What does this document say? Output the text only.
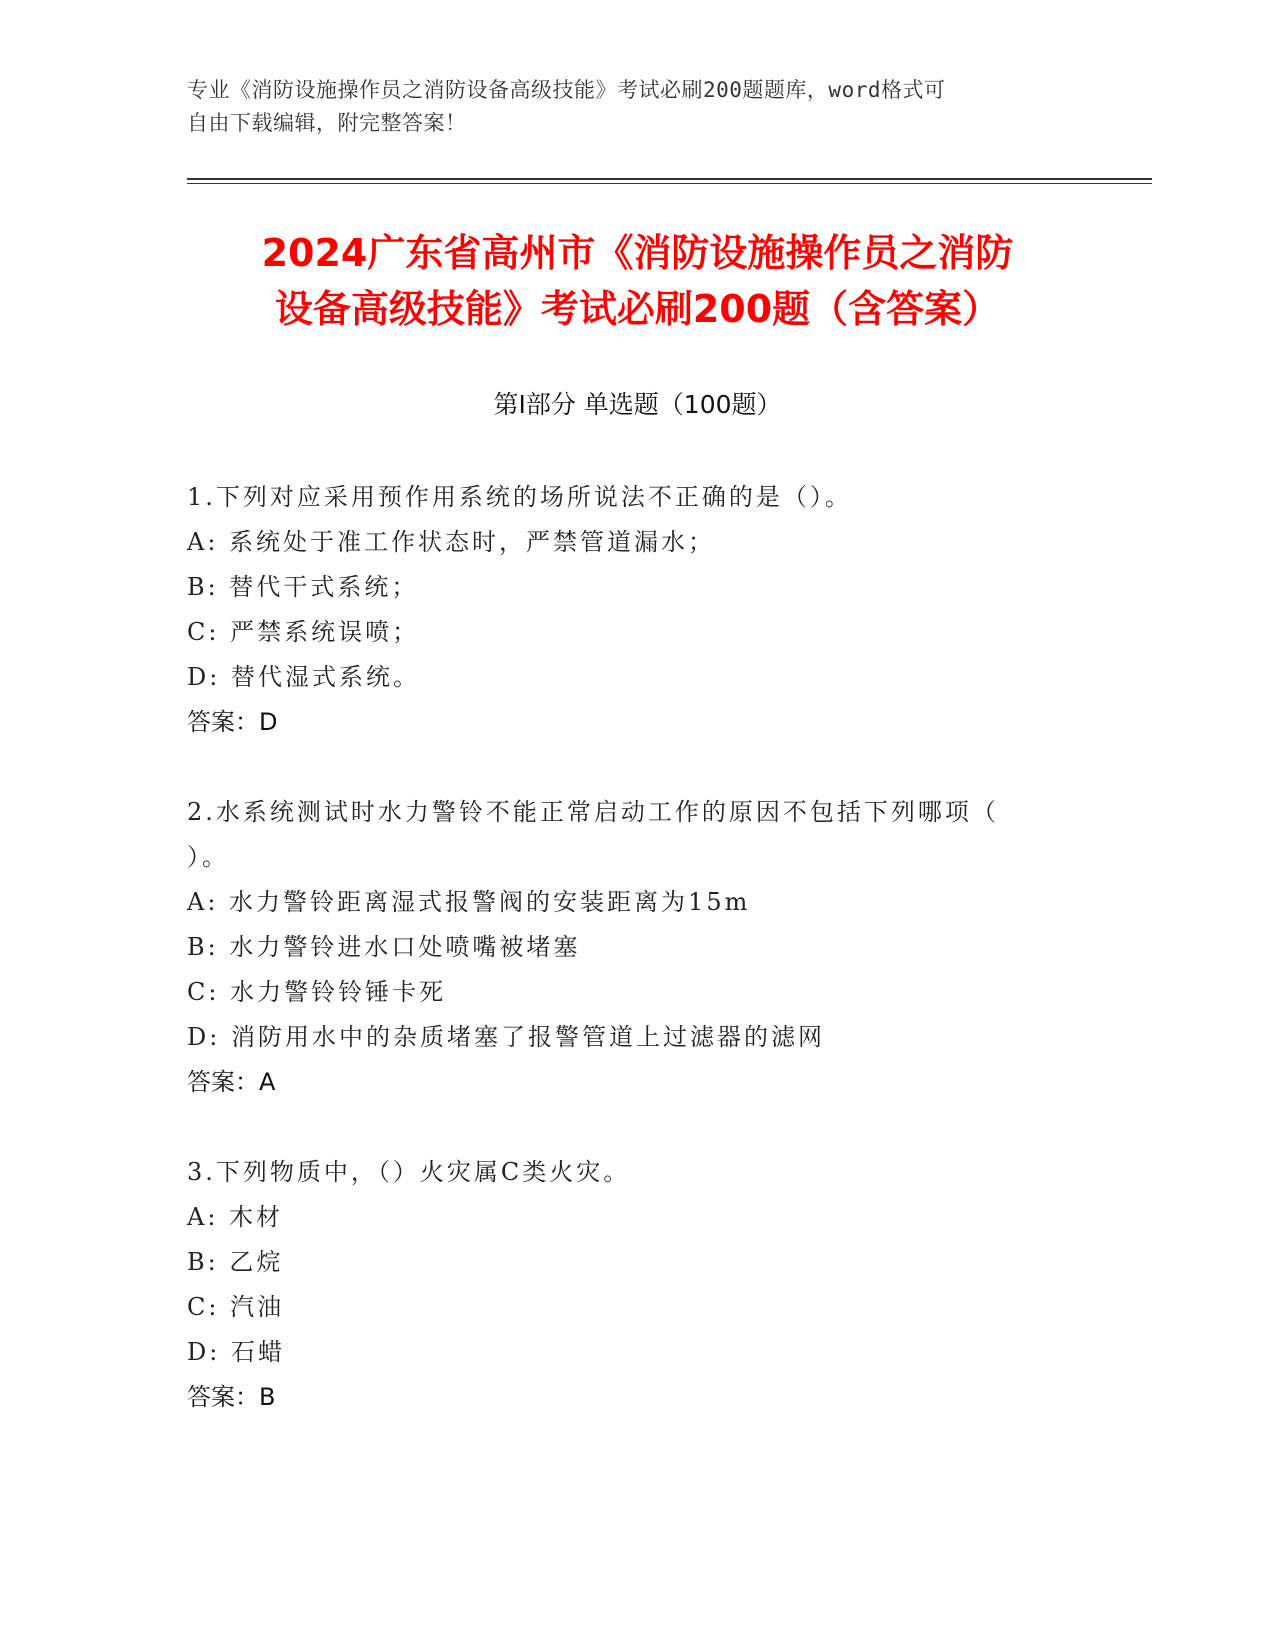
专业《消防设施操作员之消防设备高级技能》考试必刷200题题库，word格式可
自由下载编辑，附完整答案！
2024广东省高州市《消防设施操作员之消防
设备高级技能》考试必刷200题（含答案）
第Ⅰ部分 单选题（100题）
1.下列对应采用预作用系统的场所说法不正确的是（）。
A: 系统处于准工作状态时，严禁管道漏水；
B: 替代干式系统；
C: 严禁系统误喷；
D: 替代湿式系统。
答案：D
2.水系统测试时水力警铃不能正常启动工作的原因不包括下列哪项（
）。
A: 水力警铃距离湿式报警阀的安装距离为15m
B: 水力警铃进水口处喷嘴被堵塞
C: 水力警铃铃锤卡死
D: 消防用水中的杂质堵塞了报警管道上过滤器的滤网
答案：A
3.下列物质中，（）火灾属C类火灾。
A: 木材
B: 乙烷
C: 汽油
D: 石蜡
答案：B
